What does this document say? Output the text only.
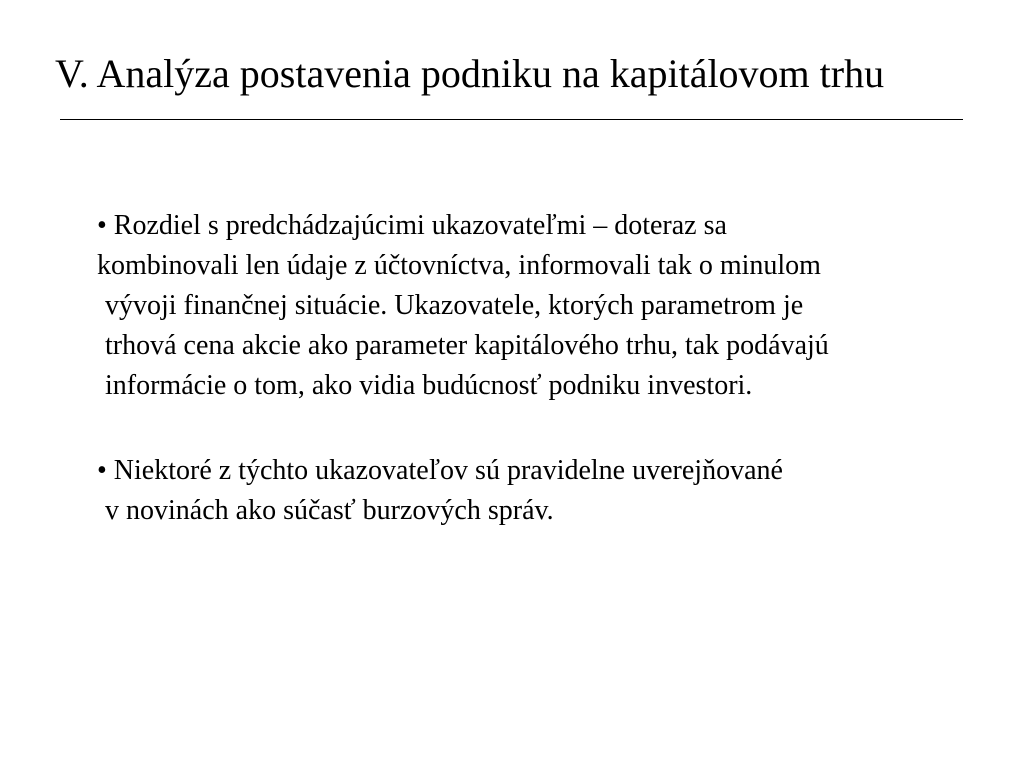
V. Analýza postavenia podniku na kapitálovom trhu

• Rozdiel s predchádzajúcimi ukazovateľmi – doteraz sa

kombinovali len údaje z účtovníctva, informovali tak o minulom

vývoji finančnej situácie. Ukazovatele, ktorých parametrom je

trhová cena akcie ako parameter kapitálového trhu, tak podávajú

informácie o tom, ako vidia budúcnosť podniku investori.

• Niektoré z týchto ukazovateľov sú pravidelne uverejňované

v novinách ako súčasť burzových správ.
